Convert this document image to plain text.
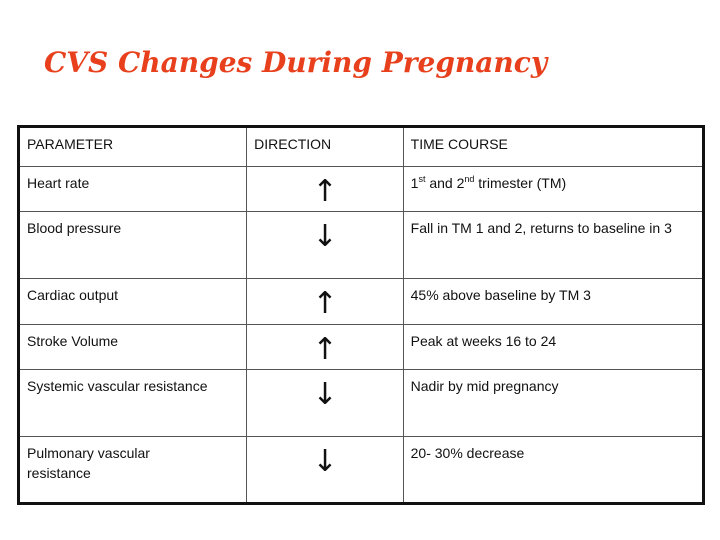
CVS Changes During Pregnancy
PARAMETER	DIRECTION	TIME COURSE
Heart rate	↑	1st and 2nd trimester (TM)
Blood pressure	↓	Fall in TM 1 and 2, returns to baseline in 3
Cardiac output	↑	45% above baseline by TM 3
Stroke Volume	↑	Peak at weeks 16 to 24
Systemic vascular resistance	↓	Nadir by mid pregnancy
Pulmonary vascular resistance	↓	20- 30% decrease
